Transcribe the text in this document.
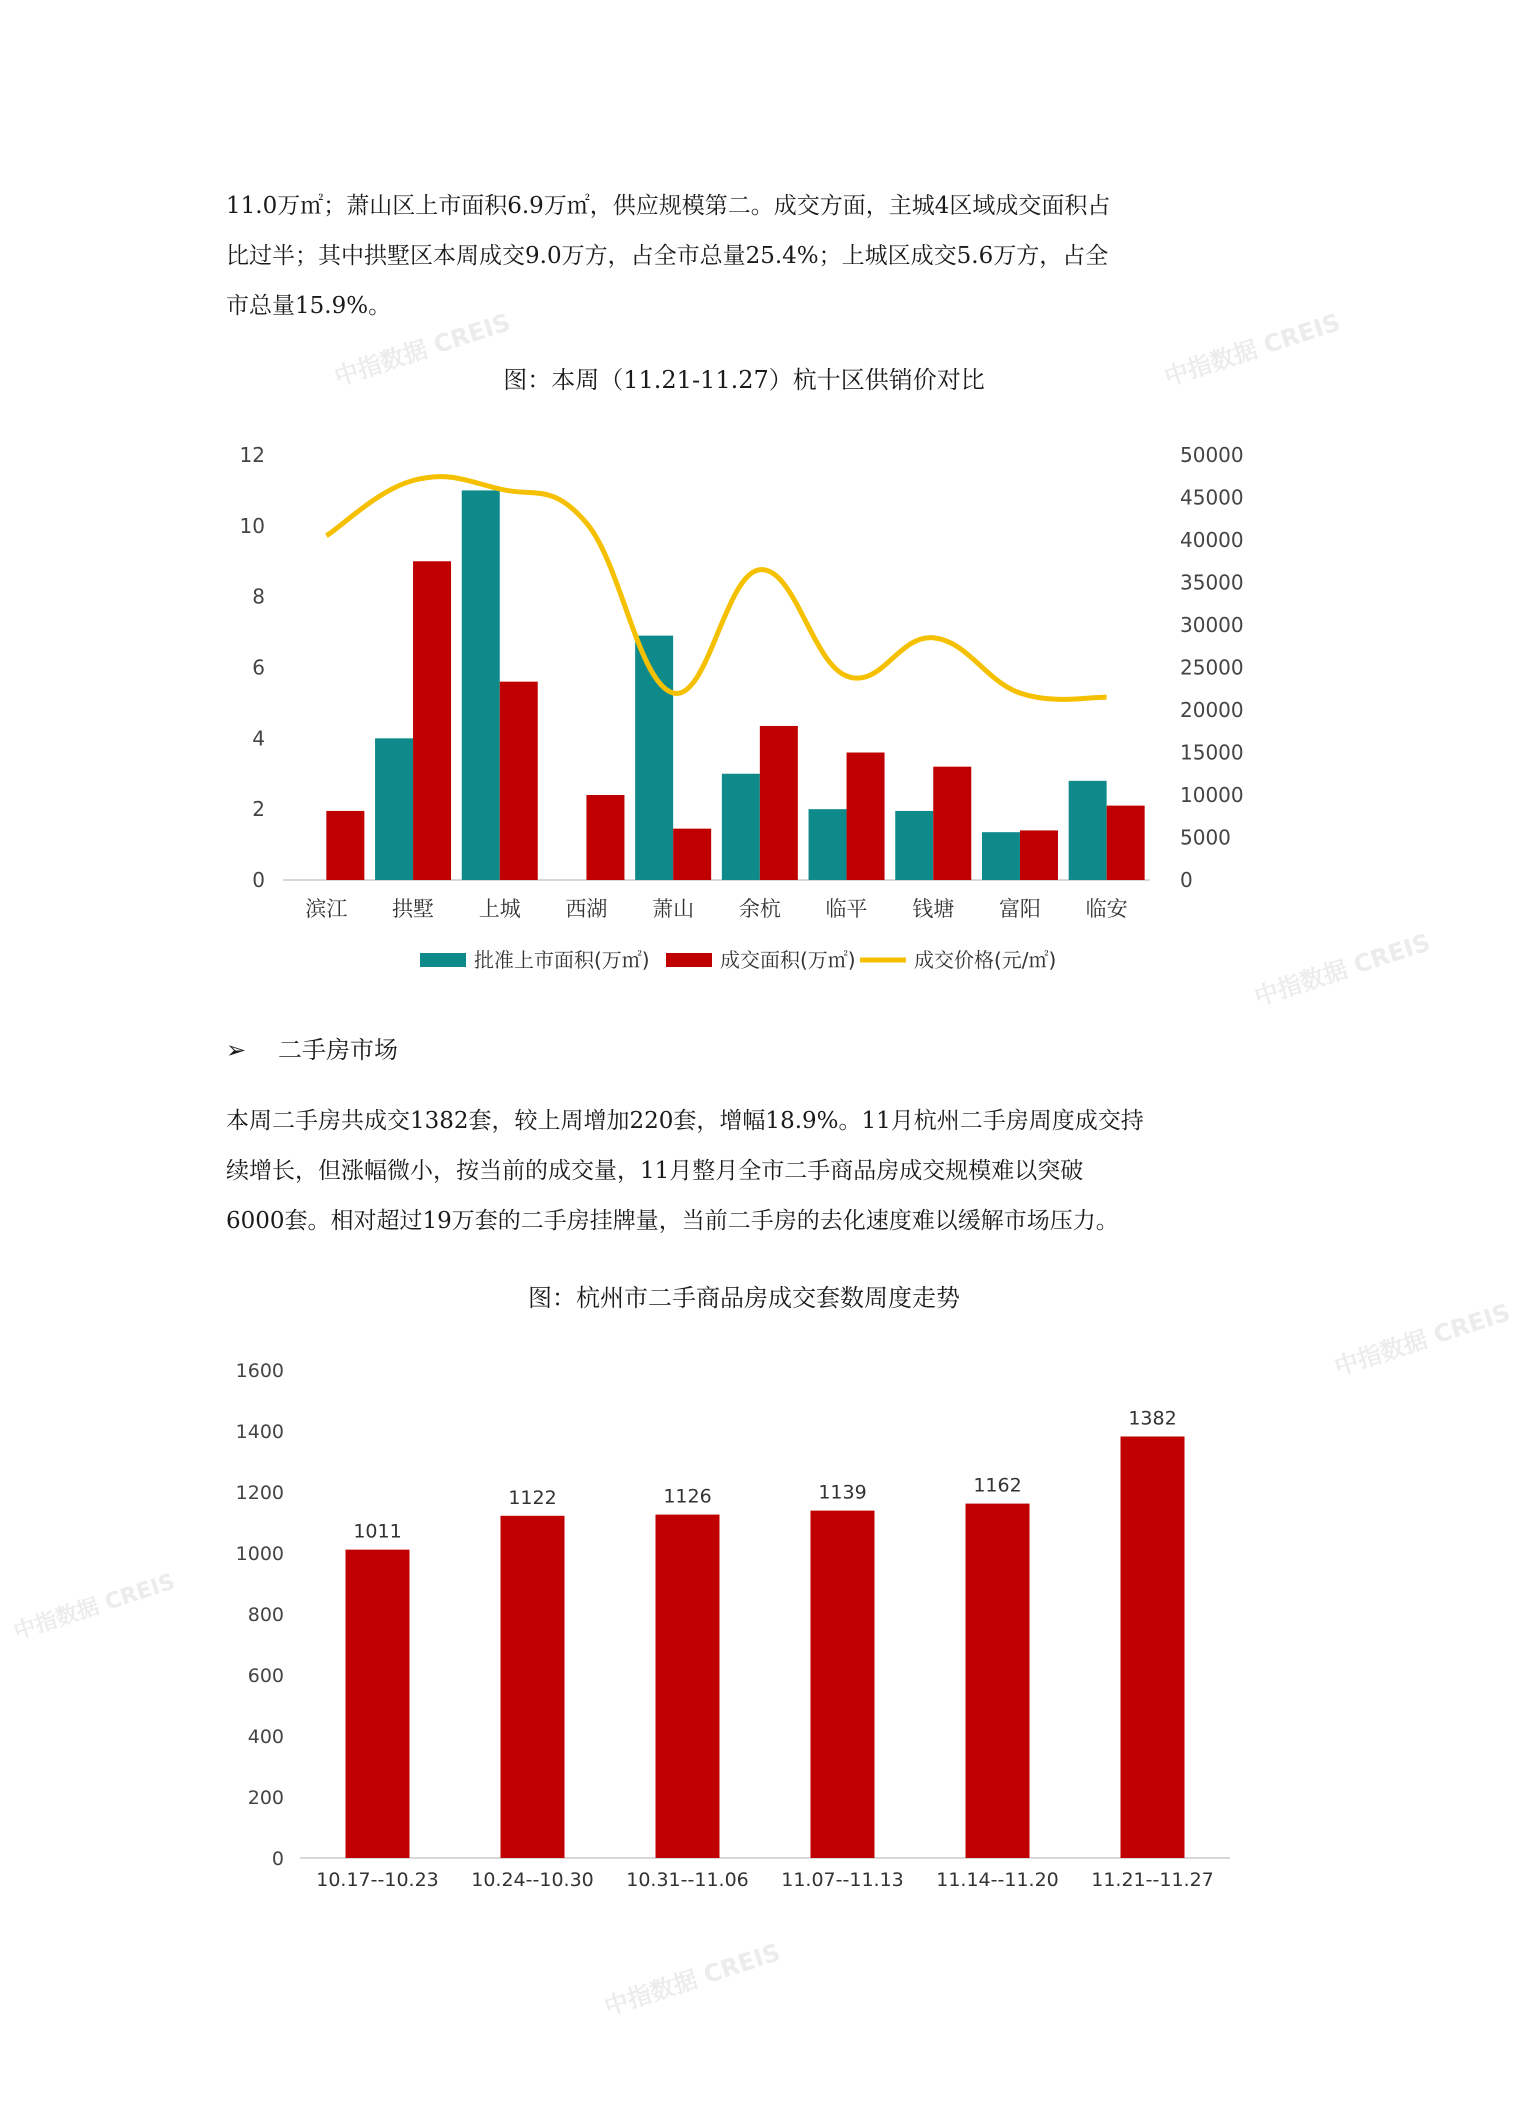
11.0万㎡；萧山区上市面积6.9万㎡，供应规模第二。成交方面，主城4区域成交面积占
比过半；其中拱墅区本周成交9.0万方，占全市总量25.4%；上城区成交5.6万方，占全
市总量15.9%。
图：本周（11.21-11.27）杭十区供销价对比
0
2
4
6
8
10
12
0
5000
10000
15000
20000
25000
30000
35000
40000
45000
50000
滨江 拱墅 上城 西湖 萧山 余杭 临平 钱塘 富阳 临安
批准上市面积(万㎡)	成交面积(万㎡)	成交价格(元/㎡)
➢ 二手房市场
本周二手房共成交1382套，较上周增加220套，增幅18.9%。11月杭州二手房周度成交持
续增长，但涨幅微小，按当前的成交量，11月整月全市二手商品房成交规模难以突破
6000套。相对超过19万套的二手房挂牌量，当前二手房的去化速度难以缓解市场压力。
图：杭州市二手商品房成交套数周度走势
0
200
400
600
800
1000
1200
1400
1600
1011
10.17--10.23
1122
10.24--10.30
1126
10.31--11.06
1139
11.07--11.13
1162
11.14--11.20
1382
11.21--11.27
中指数据 CREIS	中指数据 CREIS
中指数据 CREIS
中指数据 CREIS
中指数据 CREIS
中指数据 CREIS
